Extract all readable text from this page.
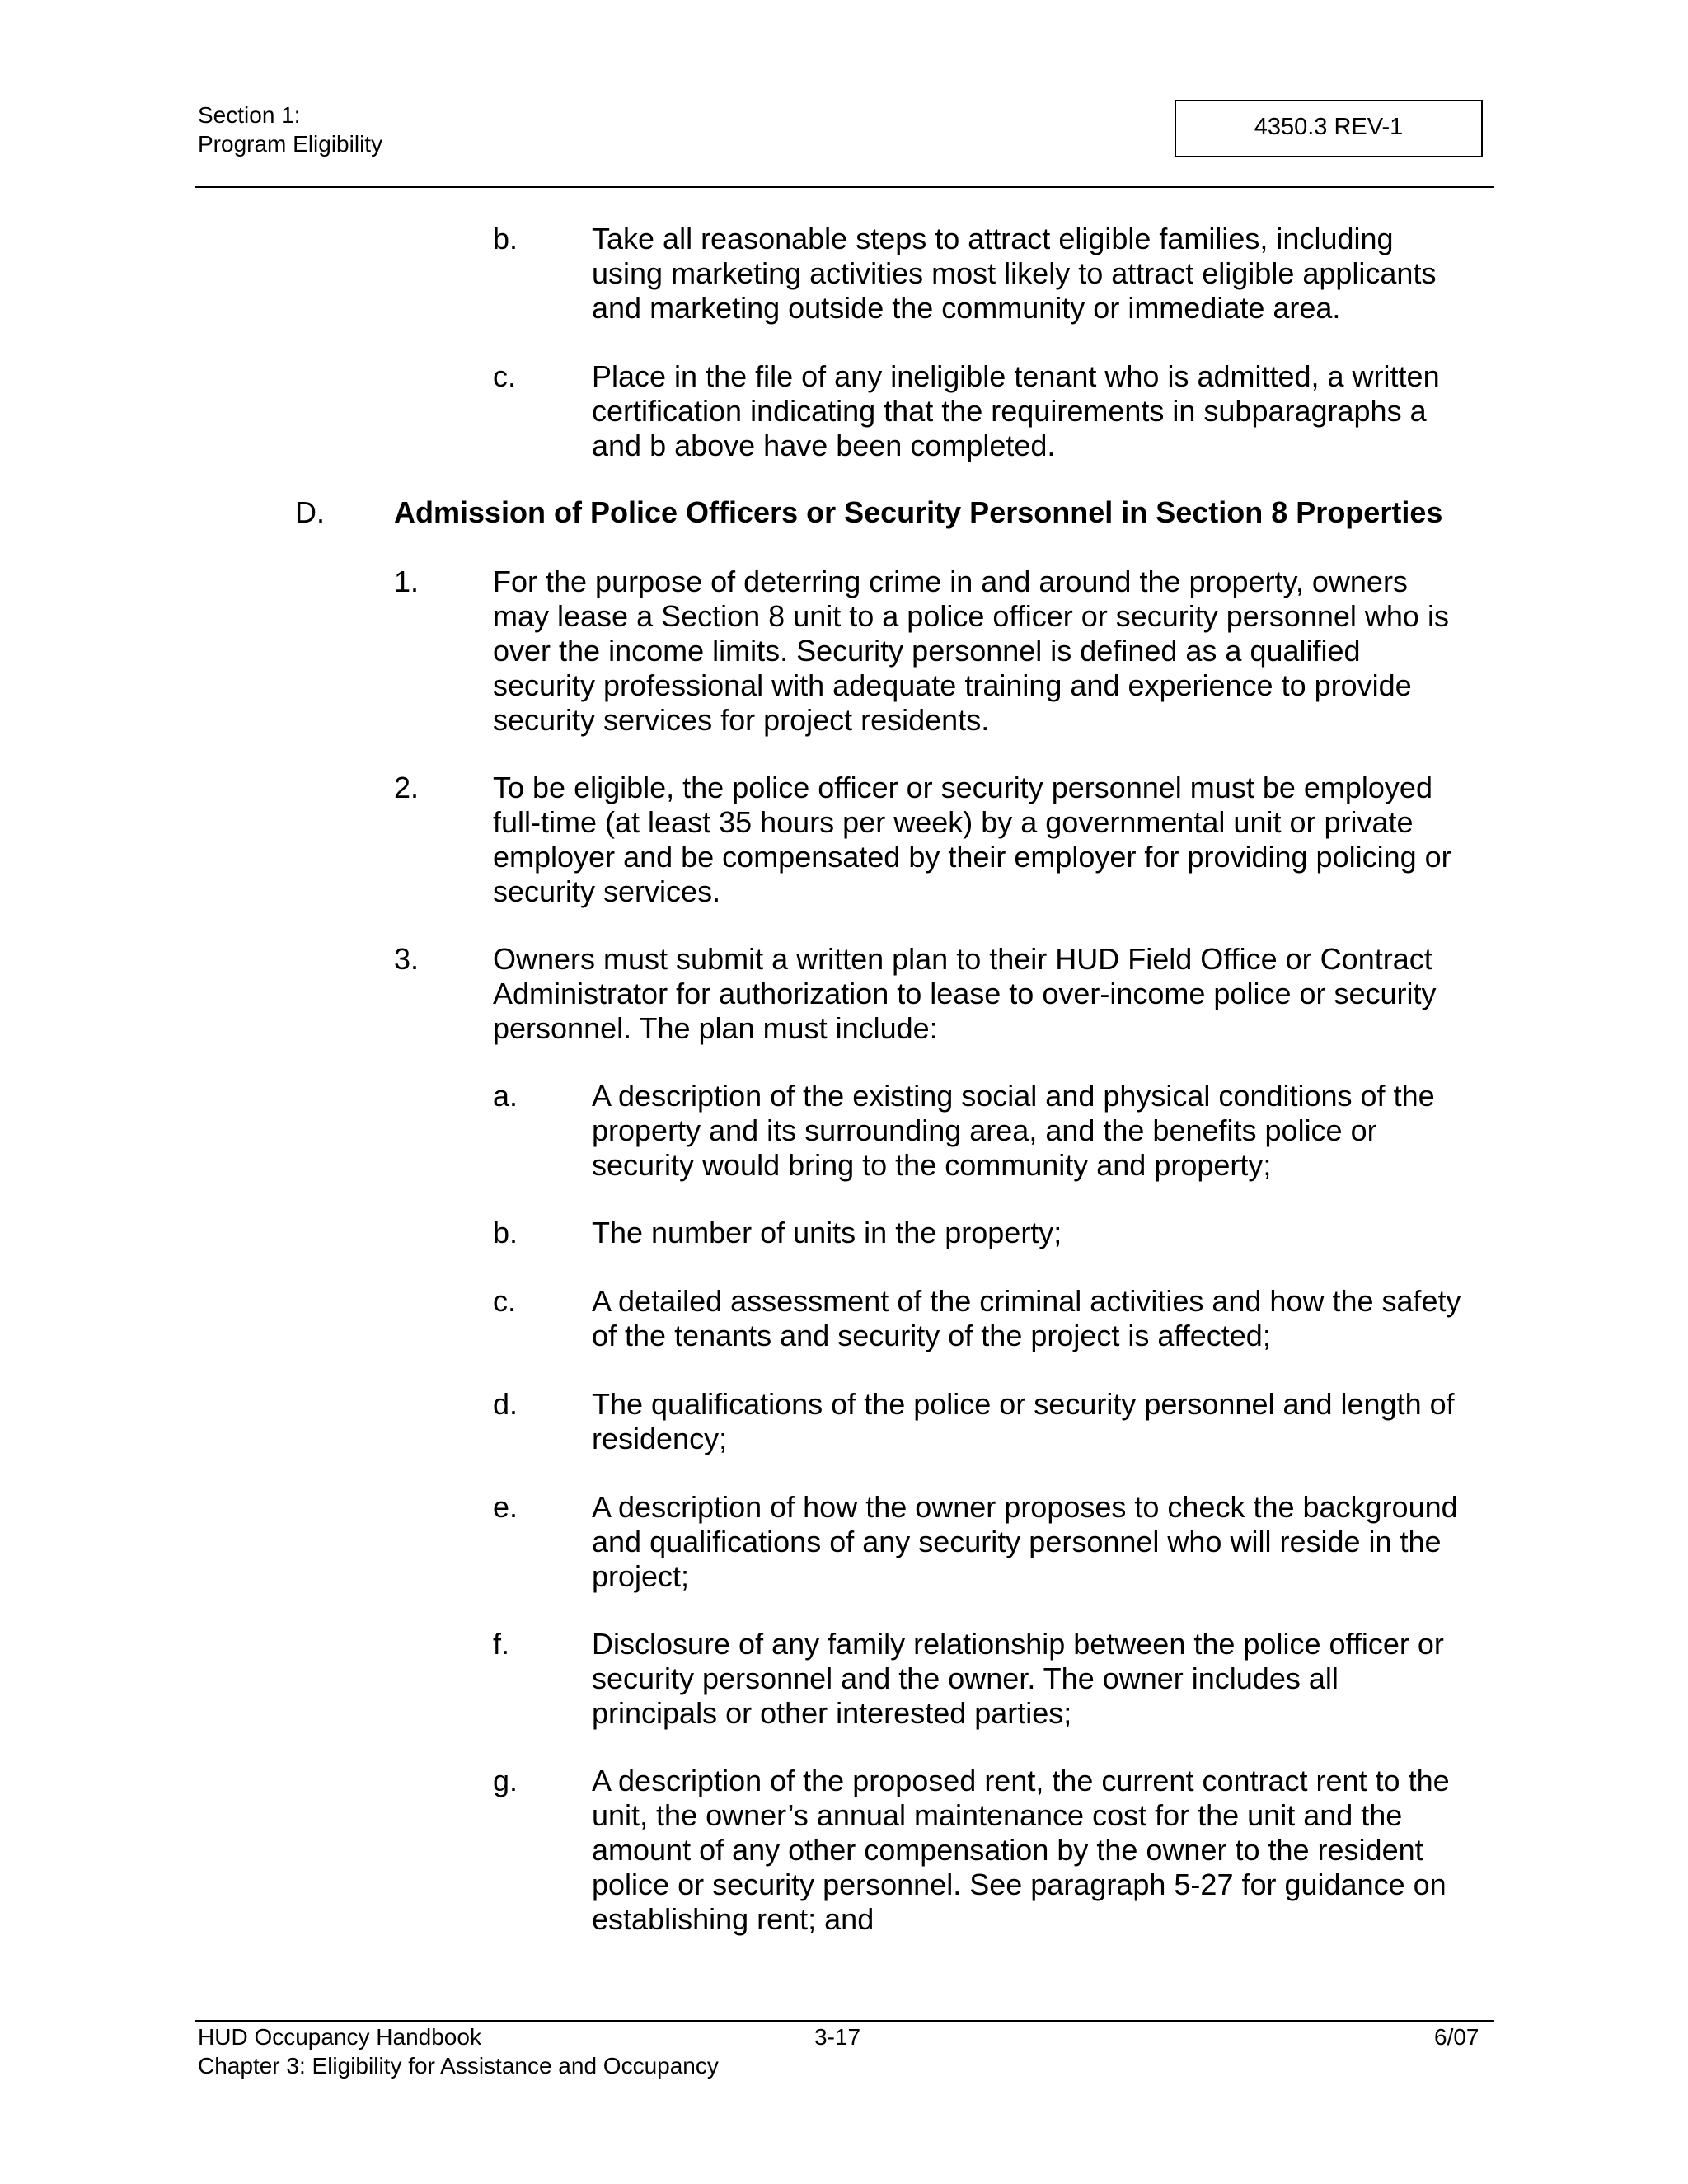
Section 1:
Program Eligibility
4350.3 REV-1
b. Take all reasonable steps to attract eligible families, including
using marketing activities most likely to attract eligible applicants
and marketing outside the community or immediate area.
c.	Place in the file of any ineligible tenant who is admitted, a written
certification indicating that the requirements in subparagraphs a
and b above have been completed.
D. Admission of Police Officers or Security Personnel in Section 8 Properties
1. For the purpose of deterring crime in and around the property, owners
may lease a Section 8 unit to a police officer or security personnel who is
over the income limits. Security personnel is defined as a qualified
security professional with adequate training and experience to provide
security services for project residents.
2. To be eligible, the police officer or security personnel must be employed
full-time (at least 35 hours per week) by a governmental unit or private
employer and be compensated by their employer for providing policing or
security services.
3. Owners must submit a written plan to their HUD Field Office or Contract
Administrator for authorization to lease to over-income police or security
personnel. The plan must include:
a. A description of the existing social and physical conditions of the
property and its surrounding area, and the benefits police or
security would bring to the community and property;
b. The number of units in the property;
c.	A detailed assessment of the criminal activities and how the safety
of the tenants and security of the project is affected;
d. The qualifications of the police or security personnel and length of
residency;
e. A description of how the owner proposes to check the background
and qualifications of any security personnel who will reside in the
project;
f.	Disclosure of any family relationship between the police officer or
security personnel and the owner. The owner includes all
principals or other interested parties;
g. A description of the proposed rent, the current contract rent to the
unit, the owner’s annual maintenance cost for the unit and the
amount of any other compensation by the owner to the resident
police or security personnel. See paragraph 5-27 for guidance on
establishing rent; and
HUD Occupancy Handbook
Chapter 3: Eligibility for Assistance and Occupancy
3-17	6/07
